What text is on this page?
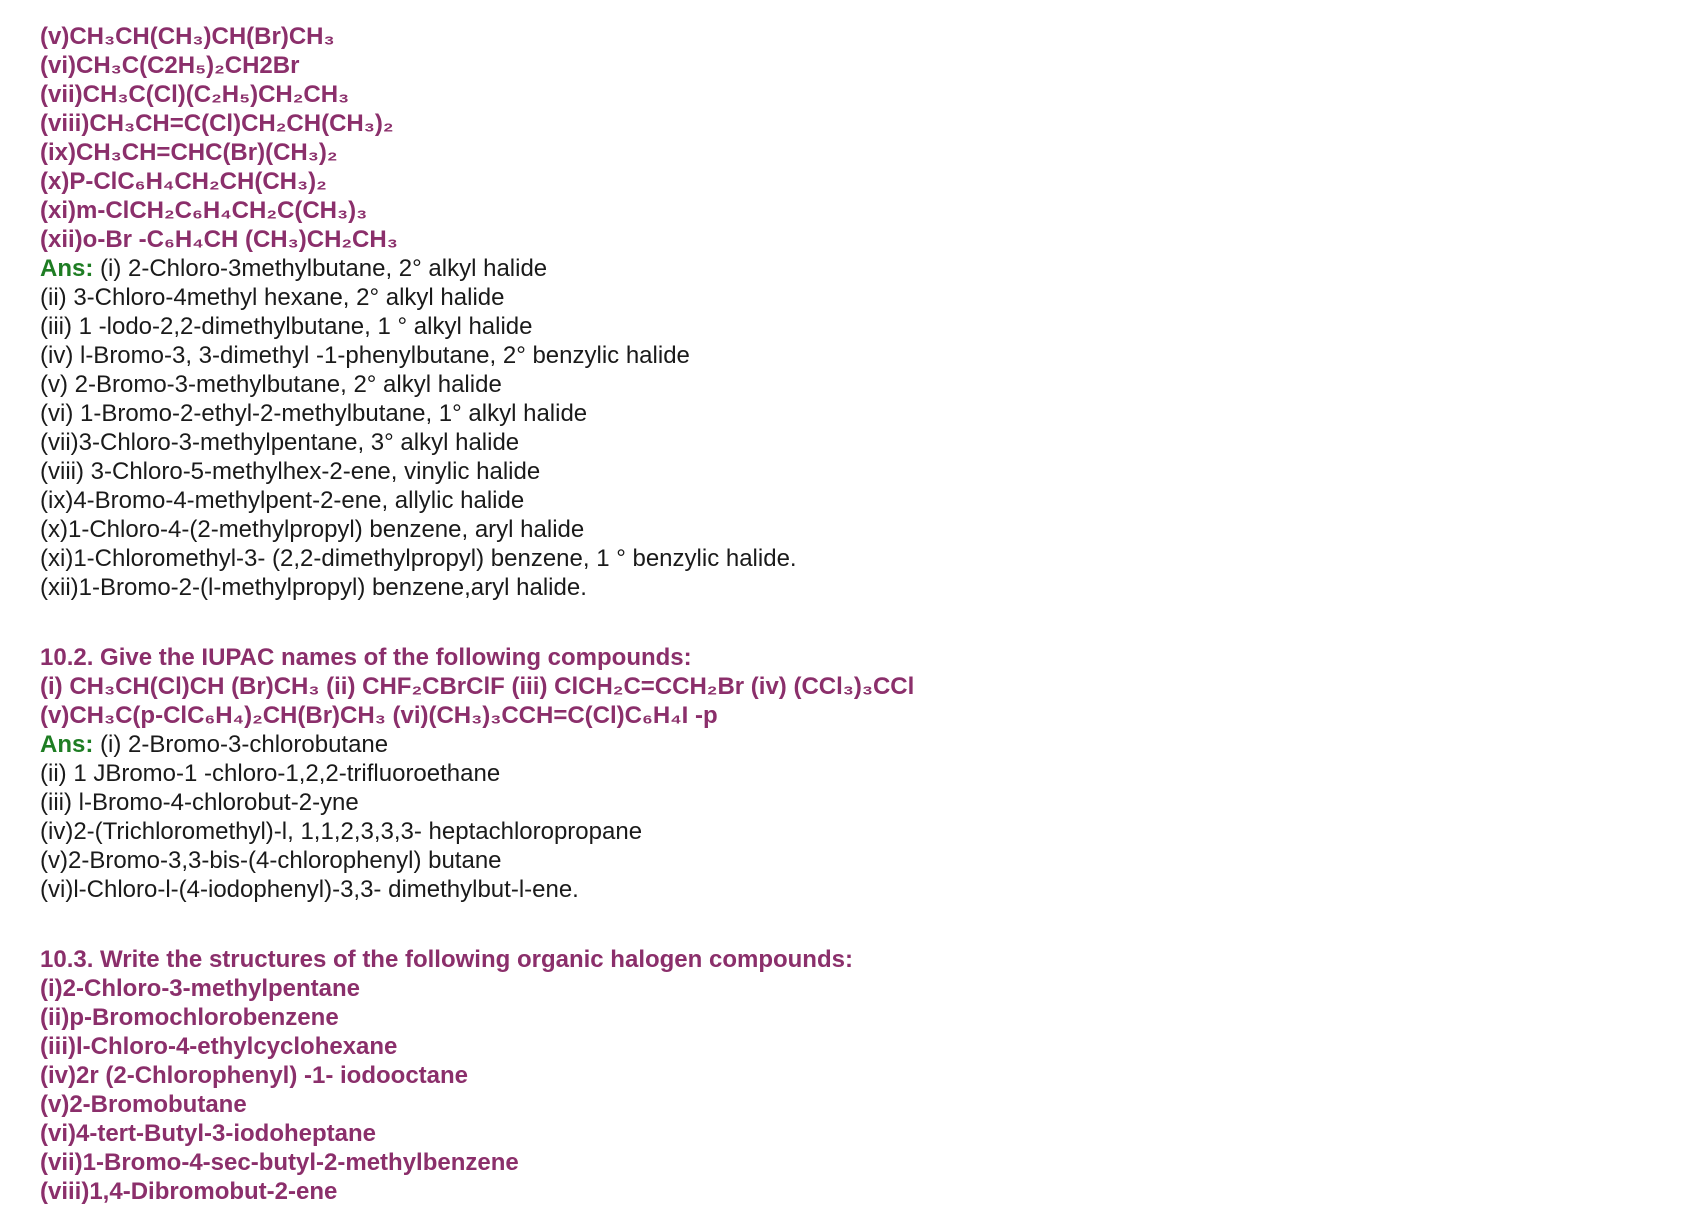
(v)CH₃CH(CH₃)CH(Br)CH₃
(vi)CH₃C(C2H₅)₂CH2Br
(vii)CH₃C(Cl)(C₂H₅)CH₂CH₃
(viii)CH₃CH=C(Cl)CH₂CH(CH₃)₂
(ix)CH₃CH=CHC(Br)(CH₃)₂
(x)P-ClC₆H₄CH₂CH(CH₃)₂
(xi)m-ClCH₂C₆H₄CH₂C(CH₃)₃
(xii)o-Br -C₆H₄CH (CH₃)CH₂CH₃
Ans: (i) 2-Chloro-3methylbutane, 2° alkyl halide
(ii) 3-Chloro-4methyl hexane, 2° alkyl halide
(iii) 1 -lodo-2,2-dimethylbutane, 1 ° alkyl halide
(iv) l-Bromo-3, 3-dimethyl -1-phenylbutane, 2° benzylic halide
(v) 2-Bromo-3-methylbutane, 2° alkyl halide
(vi) 1-Bromo-2-ethyl-2-methylbutane, 1° alkyl halide
(vii)3-Chloro-3-methylpentane, 3° alkyl halide
(viii) 3-Chloro-5-methylhex-2-ene, vinylic halide
(ix)4-Bromo-4-methylpent-2-ene, allylic halide
(x)1-Chloro-4-(2-methylpropyl) benzene, aryl halide
(xi)1-Chloromethyl-3- (2,2-dimethylpropyl) benzene, 1 ° benzylic halide.
(xii)1-Bromo-2-(l-methylpropyl) benzene,aryl halide.
10.2. Give the IUPAC names of the following compounds:
(i) CH₃CH(Cl)CH (Br)CH₃ (ii) CHF₂CBrClF (iii) ClCH₂C=CCH₂Br (iv) (CCl₃)₃CCl
(v)CH₃C(p-ClC₆H₄)₂CH(Br)CH₃ (vi)(CH₃)₃CCH=C(Cl)C₆H₄I -p
Ans: (i) 2-Bromo-3-chlorobutane
(ii) 1 JBromo-1 -chloro-1,2,2-trifluoroethane
(iii) l-Bromo-4-chlorobut-2-yne
(iv)2-(Trichloromethyl)-l, 1,1,2,3,3,3- heptachloropropane
(v)2-Bromo-3,3-bis-(4-chlorophenyl) butane
(vi)l-Chloro-l-(4-iodophenyl)-3,3- dimethylbut-l-ene.
10.3. Write the structures of the following organic halogen compounds:
(i)2-Chloro-3-methylpentane
(ii)p-Bromochlorobenzene
(iii)l-Chloro-4-ethylcyclohexane
(iv)2r (2-Chlorophenyl) -1- iodooctane
(v)2-Bromobutane
(vi)4-tert-Butyl-3-iodoheptane
(vii)1-Bromo-4-sec-butyl-2-methylbenzene
(viii)1,4-Dibromobut-2-ene
